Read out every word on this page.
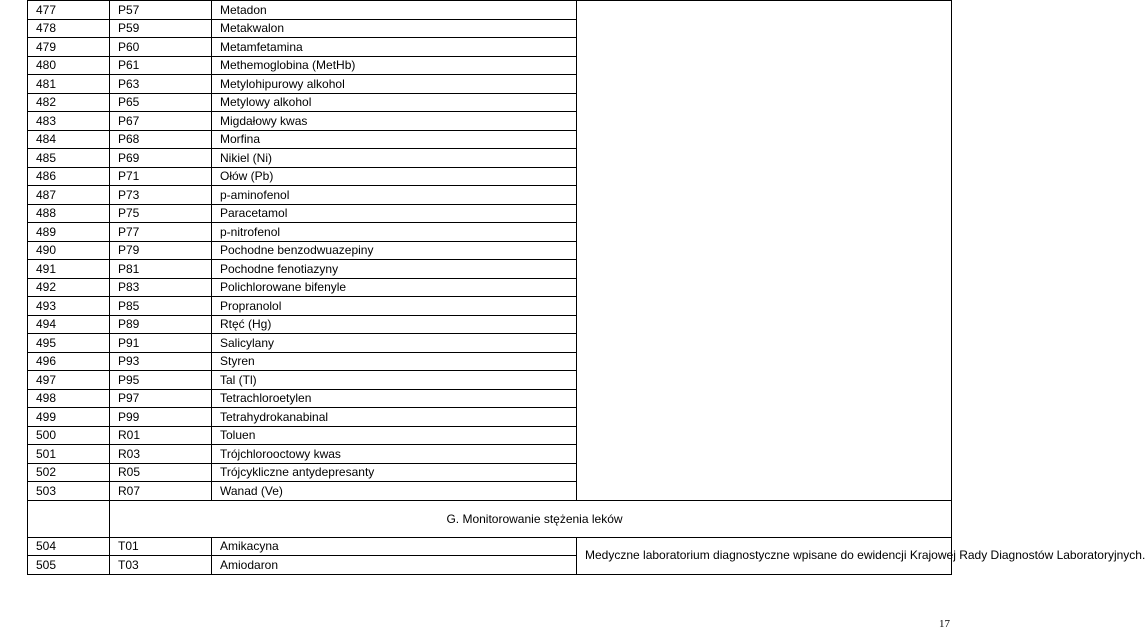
477	P57	Metadon	
478	P59	Metakwalon	
479	P60	Metamfetamina	
480	P61	Methemoglobina (MetHb)	
481	P63	Metylohipurowy alkohol	
482	P65	Metylowy alkohol	
483	P67	Migdałowy kwas	
484	P68	Morfina	
485	P69	Nikiel (Ni)	
486	P71	Ołów (Pb)	
487	P73	p-aminofenol	
488	P75	Paracetamol	
489	P77	p-nitrofenol	
490	P79	Pochodne benzodwuazepiny	
491	P81	Pochodne fenotiazyny	
492	P83	Polichlorowane bifenyle	
493	P85	Propranolol	
494	P89	Rtęć (Hg)	
495	P91	Salicylany	
496	P93	Styren	
497	P95	Tal (Tl)	
498	P97	Tetrachloroetylen	
499	P99	Tetrahydrokanabinal	
500	R01	Toluen	
501	R03	Trójchlorooctowy kwas	
502	R05	Trójcykliczne antydepresanty	
503	R07	Wanad (Ve)	
	G. Monitorowanie stężenia leków		
504	T01	Amikacyna	Medyczne laboratorium diagnostyczne wpisane do ewidencji Krajowej Rady Diagnostów Laboratoryjnych.
505	T03	Amiodaron	
17
